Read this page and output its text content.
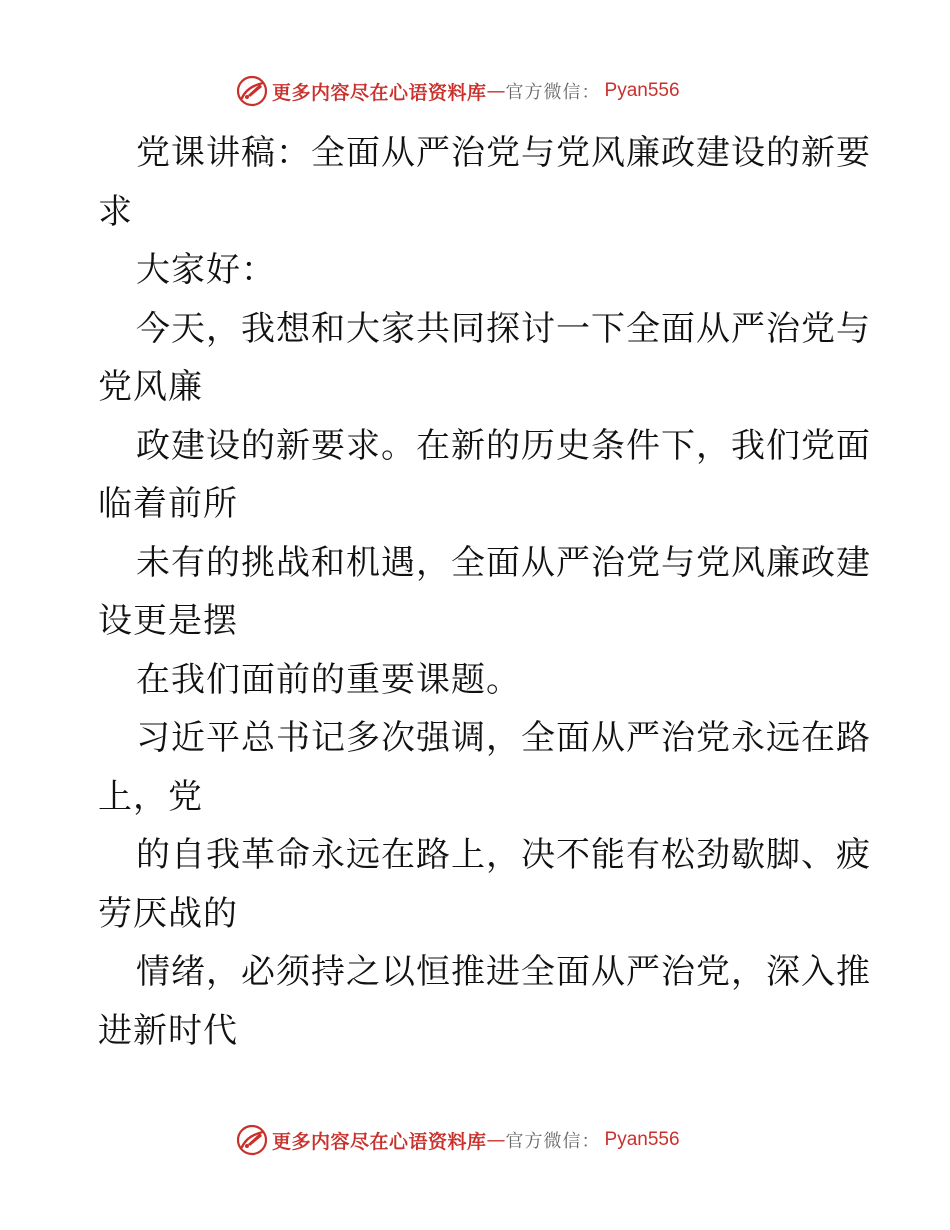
更多内容尽在心语资料库 — 官方微信： Pyan556
党课讲稿：全面从严治党与党风廉政建设的新要
求
大家好：
今天，我想和大家共同探讨一下全面从严治党与
党风廉
政建设的新要求。在新的历史条件下，我们党面
临着前所
未有的挑战和机遇，全面从严治党与党风廉政建
设更是摆
在我们面前的重要课题。
习近平总书记多次强调，全面从严治党永远在路
上，党
的自我革命永远在路上，决不能有松劲歇脚、疲
劳厌战的
情绪，必须持之以恒推进全面从严治党，深入推
进新时代
更多内容尽在心语资料库 — 官方微信： Pyan556
